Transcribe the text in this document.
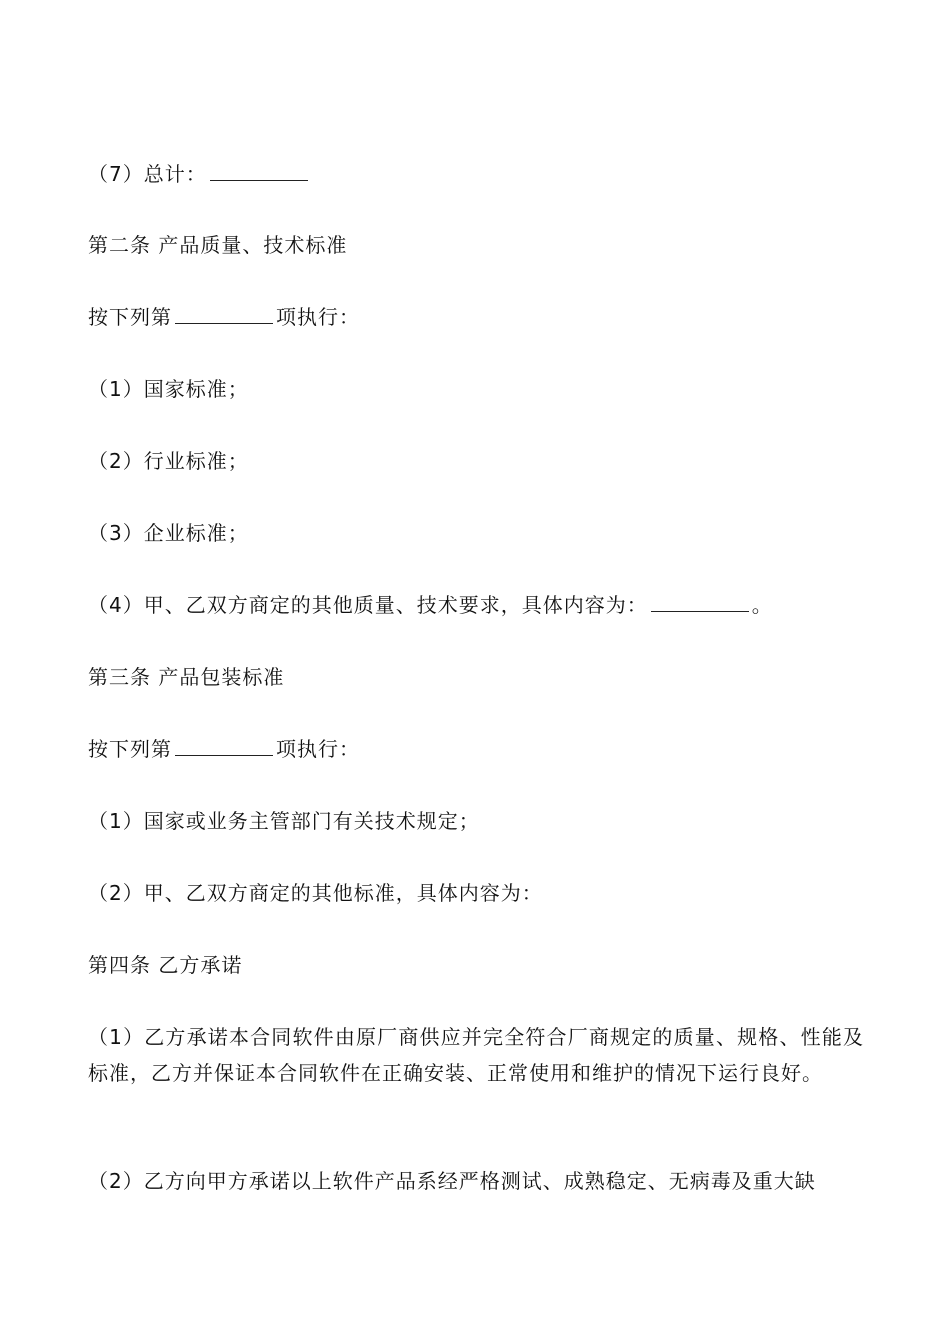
（7）总计：
第二条 产品质量、技术标准
按下列第	项执行：
（1）国家标准；
（2）行业标准；
（3）企业标准；
（4）甲、乙双方商定的其他质量、技术要求，具体内容为：	。
第三条 产品包装标准
按下列第	项执行：
（1）国家或业务主管部门有关技术规定；
（2）甲、乙双方商定的其他标准，具体内容为：
第四条 乙方承诺
（1）乙方承诺本合同软件由原厂商供应并完全符合厂商规定的质量、规格、性能及标准，乙方并保证本合同软件在正确安装、正常使用和维护的情况下运行良好。
（2）乙方向甲方承诺以上软件产品系经严格测试、成熟稳定、无病毒及重大缺
